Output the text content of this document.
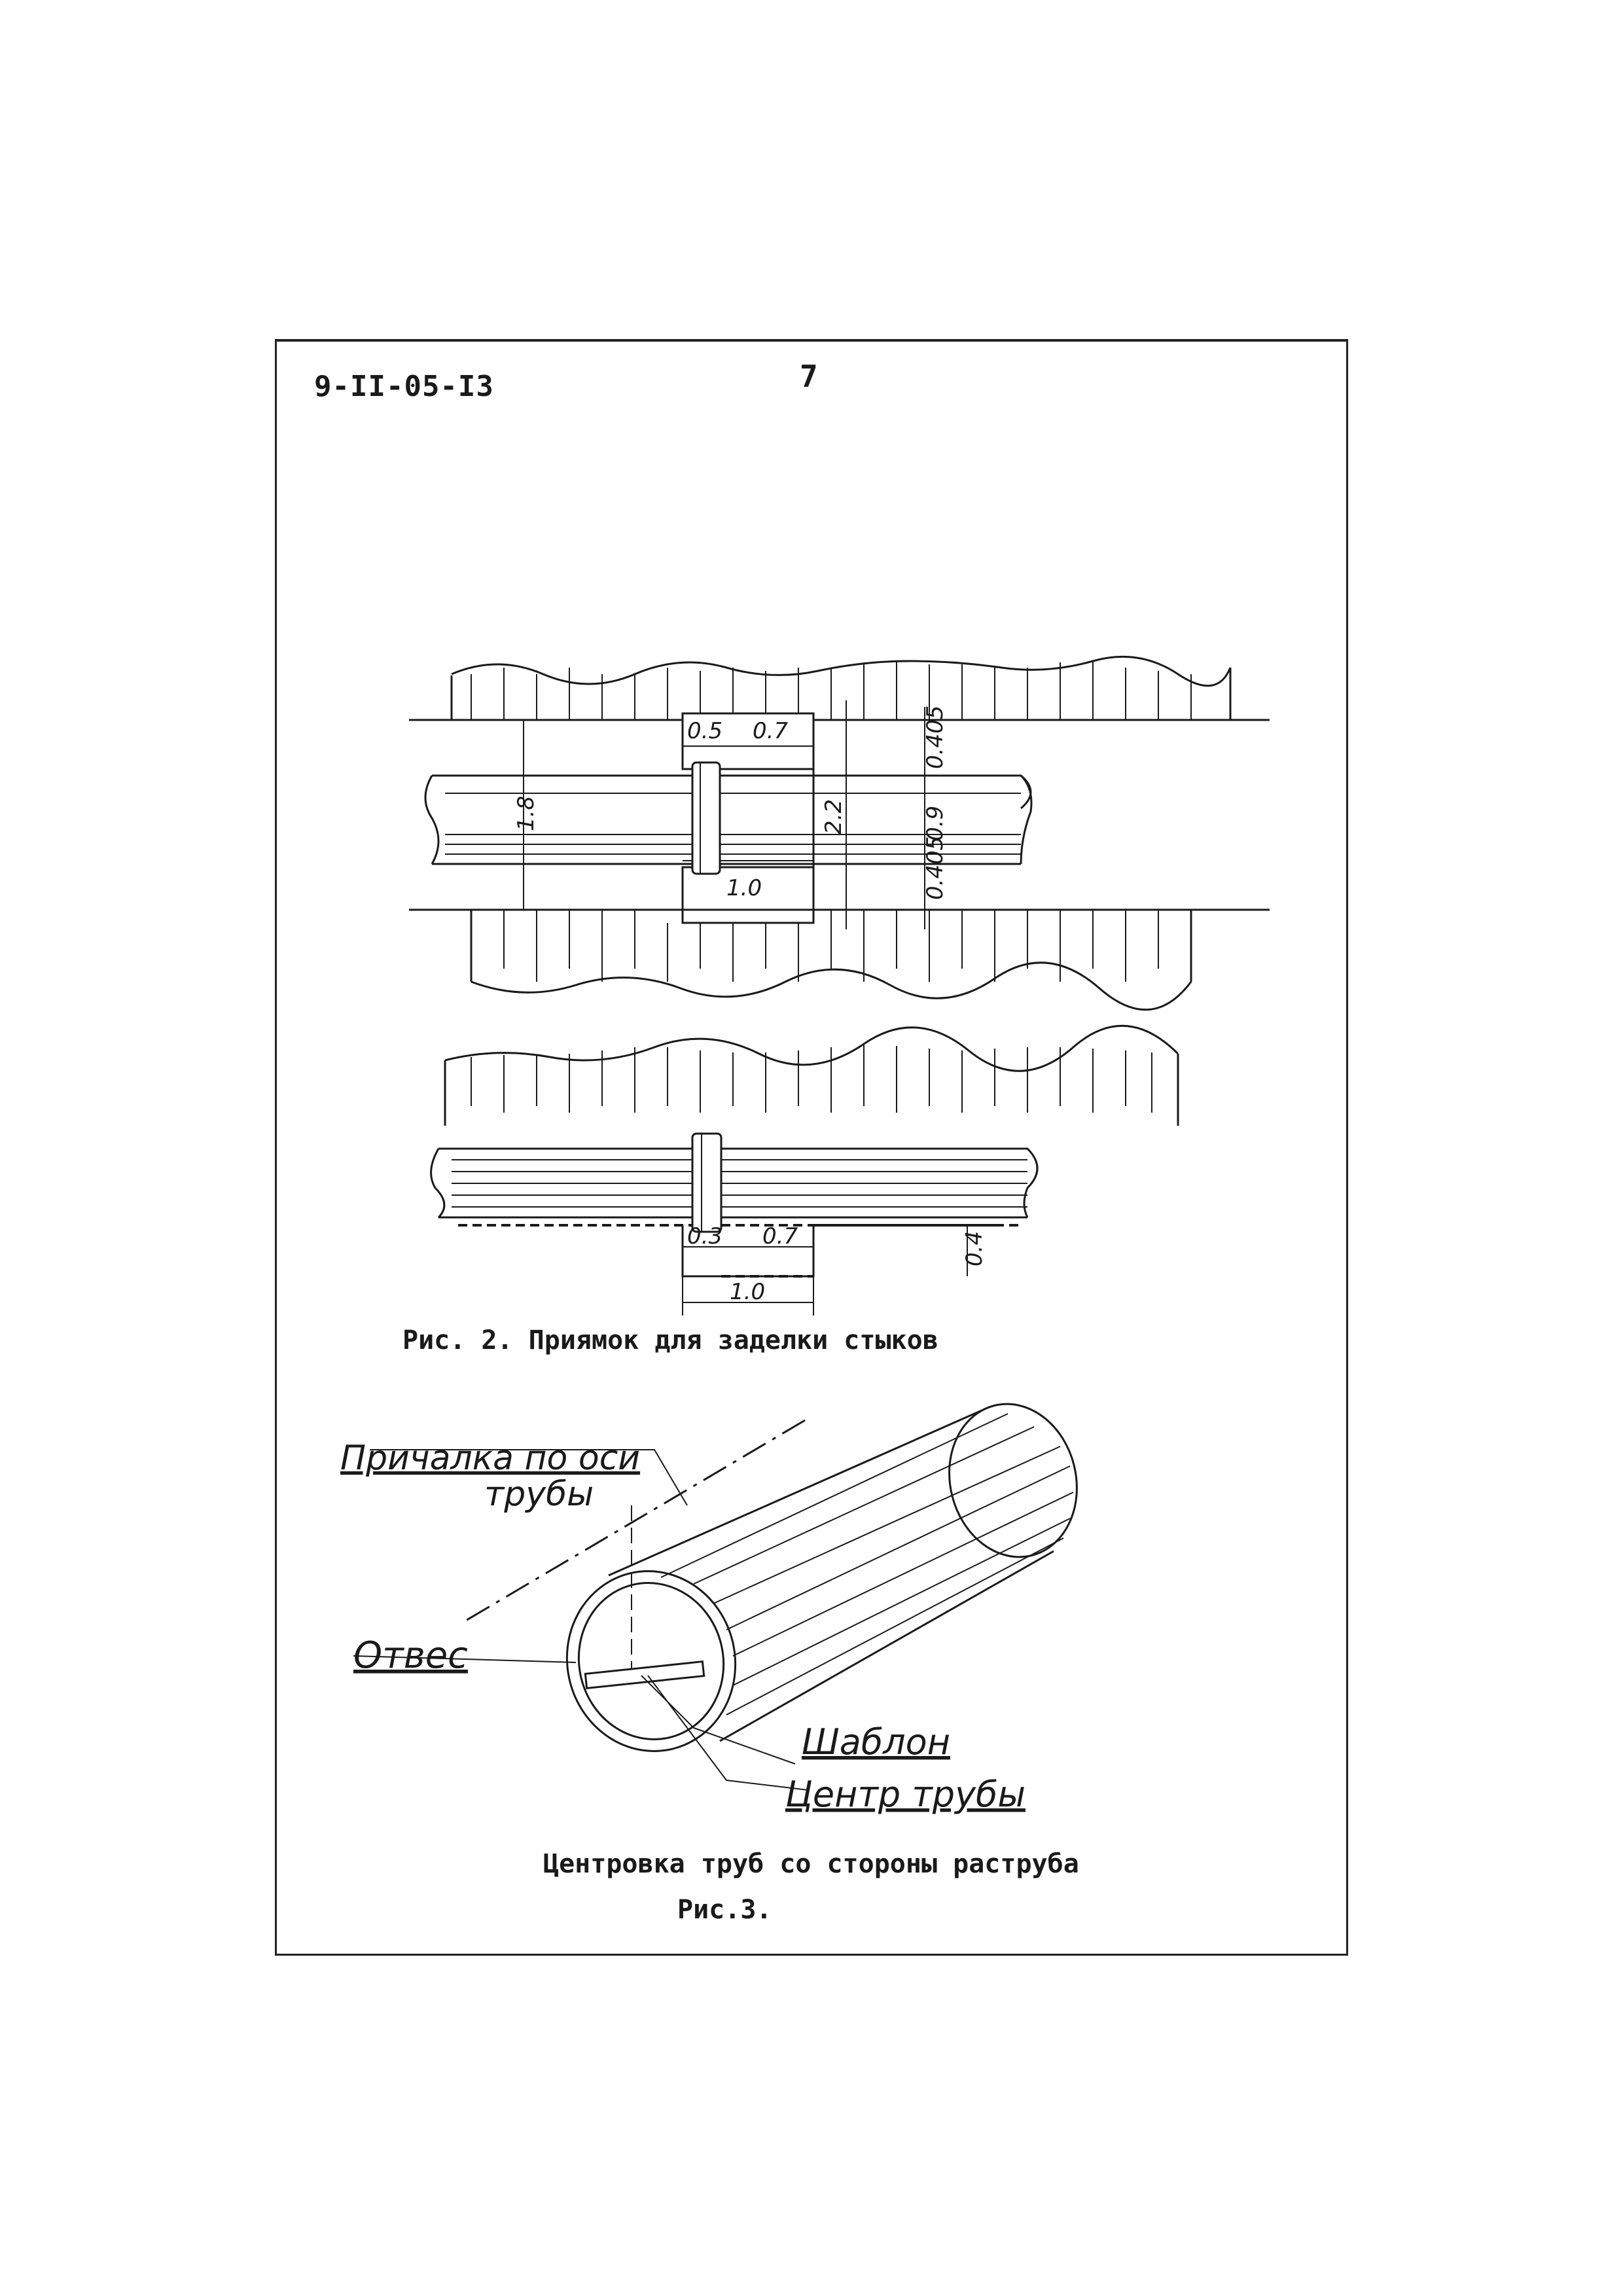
9-II-05-I3	7
0.5 0.7
1.0
1.8	2.2
0.405
0.9
0.405
0.3 0.7
1.0
0.4
Причалка по оси
трубы
Отвес
Шаблон
Центр трубы
Рис. 2. Приямок для заделки стыков
Центровка труб со стороны раструба
Рис.3.
